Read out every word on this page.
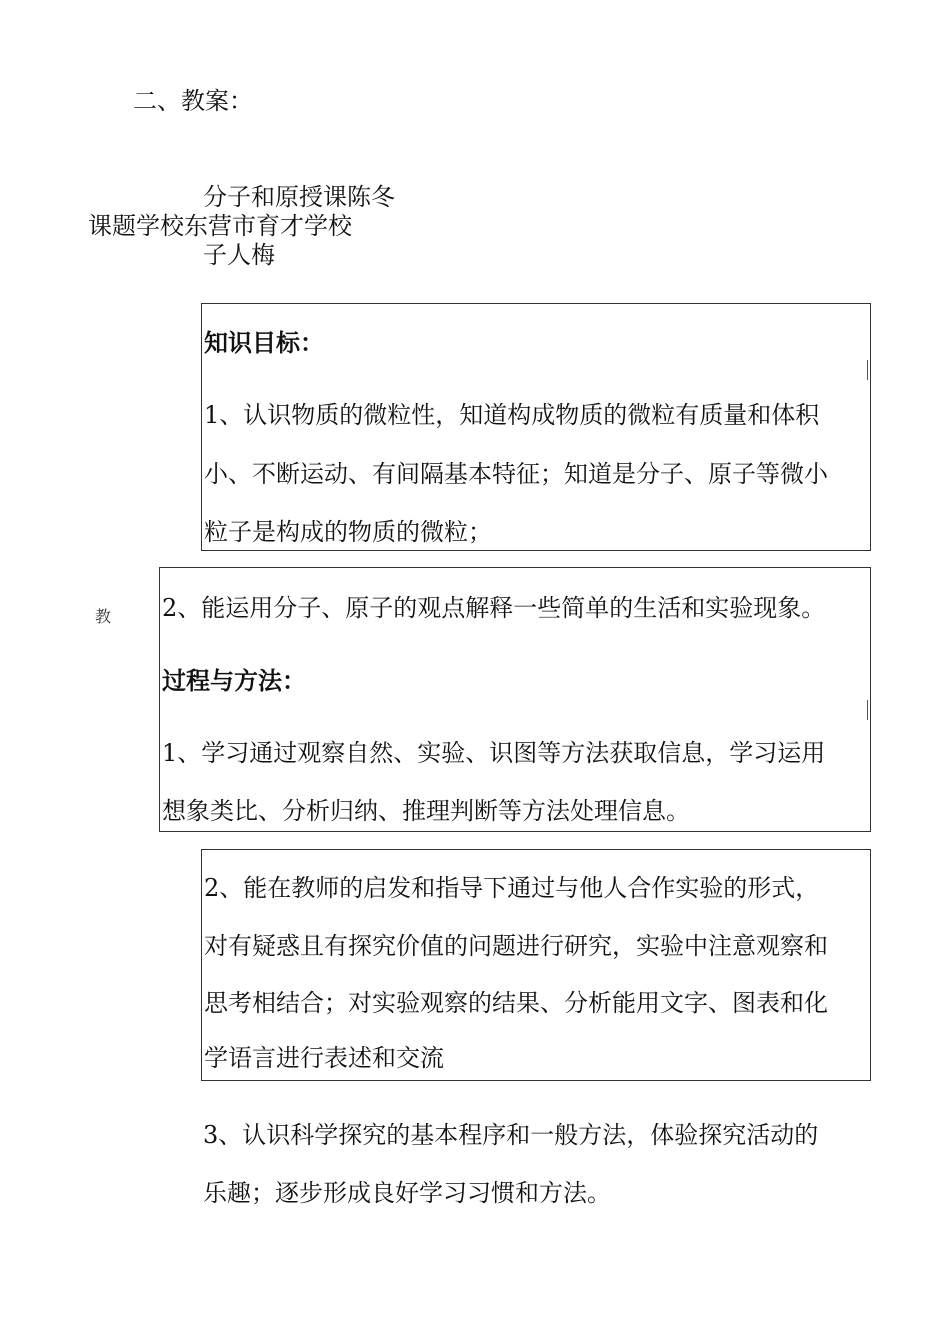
二、教案：
分子和原授课陈冬
课题学校东营市育才学校
子人梅
教
知识目标：
1、认识物质的微粒性，知道构成物质的微粒有质量和体积
小、不断运动、有间隔基本特征；知道是分子、原子等微小
粒子是构成的物质的微粒；
2、能运用分子、原子的观点解释一些简单的生活和实验现象。
过程与方法：
1、学习通过观察自然、实验、识图等方法获取信息，学习运用
想象类比、分析归纳、推理判断等方法处理信息。
2、能在教师的启发和指导下通过与他人合作实验的形式，
对有疑惑且有探究价值的问题进行研究，实验中注意观察和
思考相结合；对实验观察的结果、分析能用文字、图表和化
学语言进行表述和交流
3、认识科学探究的基本程序和一般方法，体验探究活动的
乐趣；逐步形成良好学习习惯和方法。
